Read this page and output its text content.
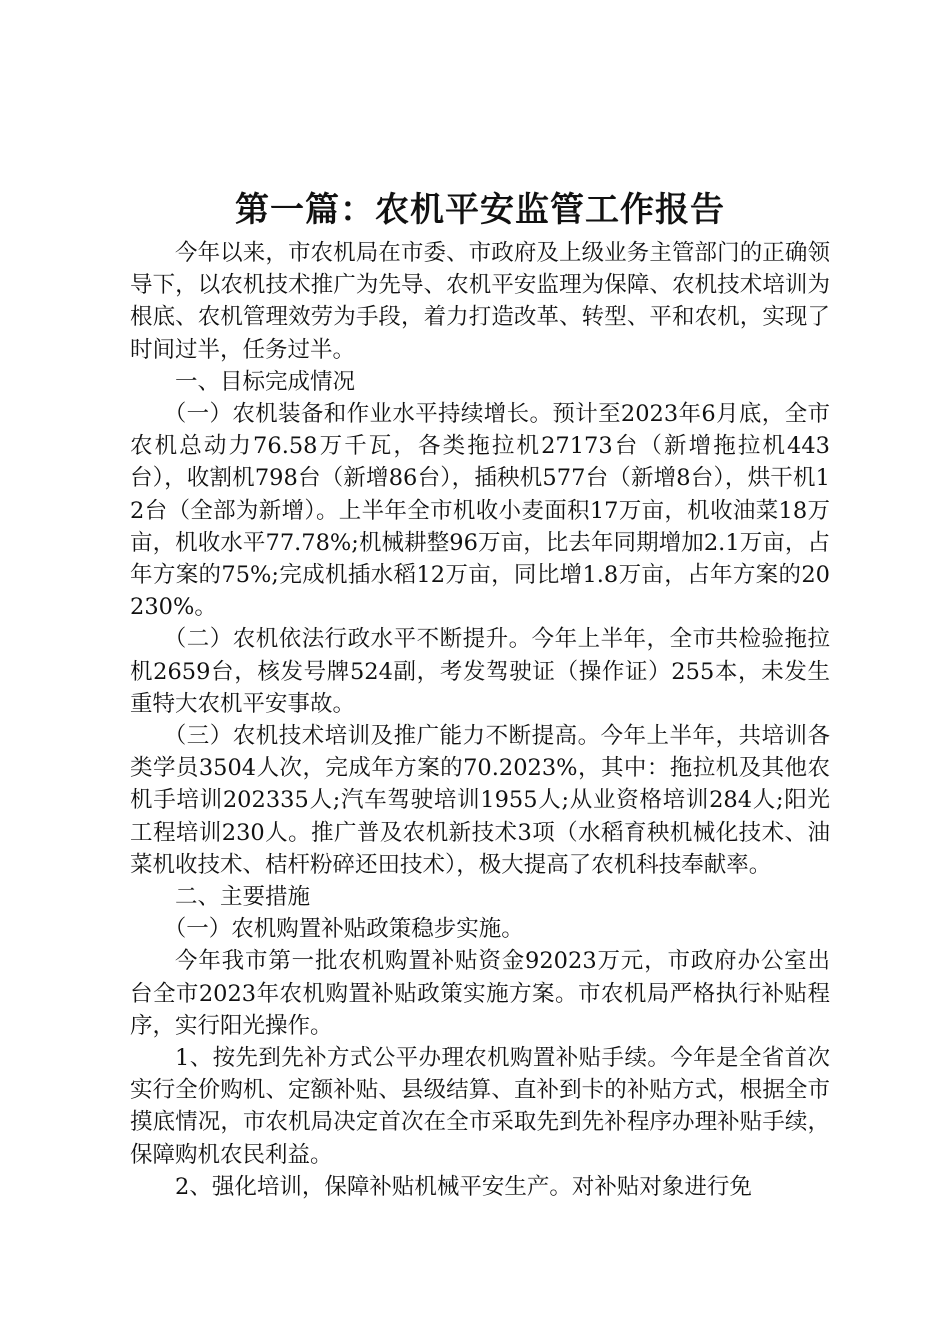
第一篇：农机平安监管工作报告

今年以来，市农机局在市委、市政府及上级业务主管部门的正确领导下，以农机技术推广为先导、农机平安监理为保障、农机技术培训为根底、农机管理效劳为手段，着力打造改革、转型、平和农机，实现了时间过半，任务过半。

一、目标完成情况

（一）农机装备和作业水平持续增长。预计至2023年6月底，全市农机总动力76.58万千瓦，各类拖拉机27173台（新增拖拉机443台），收割机798台（新增86台），插秧机577台（新增8台），烘干机12台（全部为新增）。上半年全市机收小麦面积17万亩，机收油菜18万亩，机收水平77.78%;机械耕整96万亩，比去年同期增加2.1万亩，占年方案的75%;完成机插水稻12万亩，同比增1.8万亩，占年方案的20230%。

（二）农机依法行政水平不断提升。今年上半年，全市共检验拖拉机2659台，核发号牌524副，考发驾驶证（操作证）255本，未发生重特大农机平安事故。

（三）农机技术培训及推广能力不断提高。今年上半年，共培训各类学员3504人次，完成年方案的70.2023%，其中：拖拉机及其他农机手培训202335人;汽车驾驶培训1955人;从业资格培训284人;阳光工程培训230人。推广普及农机新技术3项（水稻育秧机械化技术、油菜机收技术、桔杆粉碎还田技术），极大提高了农机科技奉献率。

二、主要措施

（一）农机购置补贴政策稳步实施。

今年我市第一批农机购置补贴资金92023万元，市政府办公室出台全市2023年农机购置补贴政策实施方案。市农机局严格执行补贴程序，实行阳光操作。

1、按先到先补方式公平办理农机购置补贴手续。今年是全省首次实行全价购机、定额补贴、县级结算、直补到卡的补贴方式，根据全市摸底情况，市农机局决定首次在全市采取先到先补程序办理补贴手续，保障购机农民利益。

2、强化培训，保障补贴机械平安生产。对补贴对象进行免
